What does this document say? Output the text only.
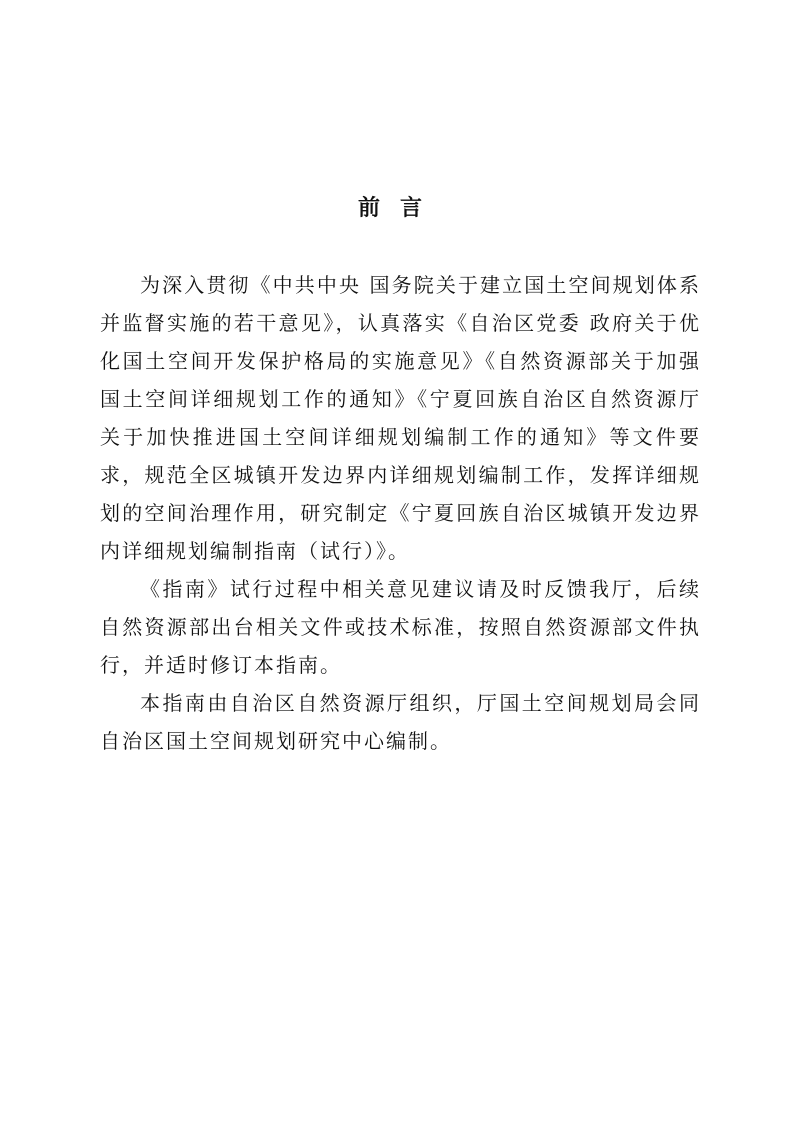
前言

为深入贯彻《中共中央 国务院关于建立国土空间规划体系并监督实施的若干意见》，认真落实《自治区党委 政府关于优化国土空间开发保护格局的实施意见》《自然资源部关于加强国土空间详细规划工作的通知》《宁夏回族自治区自然资源厅关于加快推进国土空间详细规划编制工作的通知》等文件要求，规范全区城镇开发边界内详细规划编制工作，发挥详细规划的空间治理作用，研究制定《宁夏回族自治区城镇开发边界内详细规划编制指南（试行）》。

《指南》试行过程中相关意见建议请及时反馈我厅，后续自然资源部出台相关文件或技术标准，按照自然资源部文件执行，并适时修订本指南。

本指南由自治区自然资源厅组织，厅国土空间规划局会同自治区国土空间规划研究中心编制。
